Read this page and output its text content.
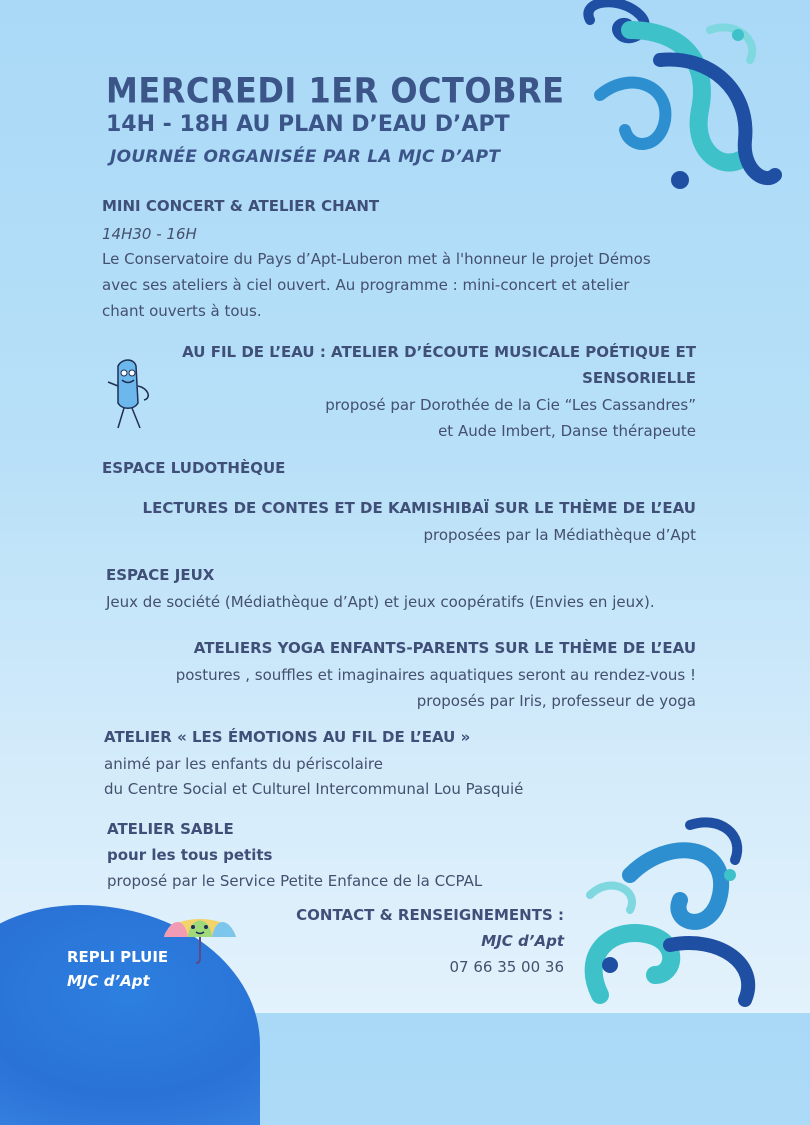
MERCREDI 1ER OCTOBRE
14H - 18H AU PLAN D’EAU D’APT
JOURNÉE ORGANISÉE PAR LA MJC D’APT
MINI CONCERT & ATELIER CHANT
14H30 - 16H
Le Conservatoire du Pays d’Apt-Luberon met à l'honneur le projet Démos
avec ses ateliers à ciel ouvert. Au programme : mini-concert et atelier
chant ouverts à tous.
AU FIL DE L’EAU : ATELIER D’ÉCOUTE MUSICALE POÉTIQUE ET
SENSORIELLE
proposé par Dorothée de la Cie “Les Cassandres”
et Aude Imbert, Danse thérapeute
ESPACE LUDOTHÈQUE
LECTURES DE CONTES ET DE KAMISHIBAÏ SUR LE THÈME DE L’EAU
proposées par la Médiathèque d’Apt
ESPACE JEUX
Jeux de société (Médiathèque d’Apt) et jeux coopératifs (Envies en jeux).
ATELIERS YOGA ENFANTS-PARENTS SUR LE THÈME DE L’EAU
postures , souffles et imaginaires aquatiques seront au rendez-vous !
proposés par Iris, professeur de yoga
ATELIER « LES ÉMOTIONS AU FIL DE L’EAU »
animé par les enfants du périscolaire
du Centre Social et Culturel Intercommunal Lou Pasquié
ATELIER SABLE
pour les tous petits
proposé par le Service Petite Enfance de la CCPAL
REPLI PLUIE
MJC d’Apt
CONTACT & RENSEIGNEMENTS :
MJC d’Apt
07 66 35 00 36
